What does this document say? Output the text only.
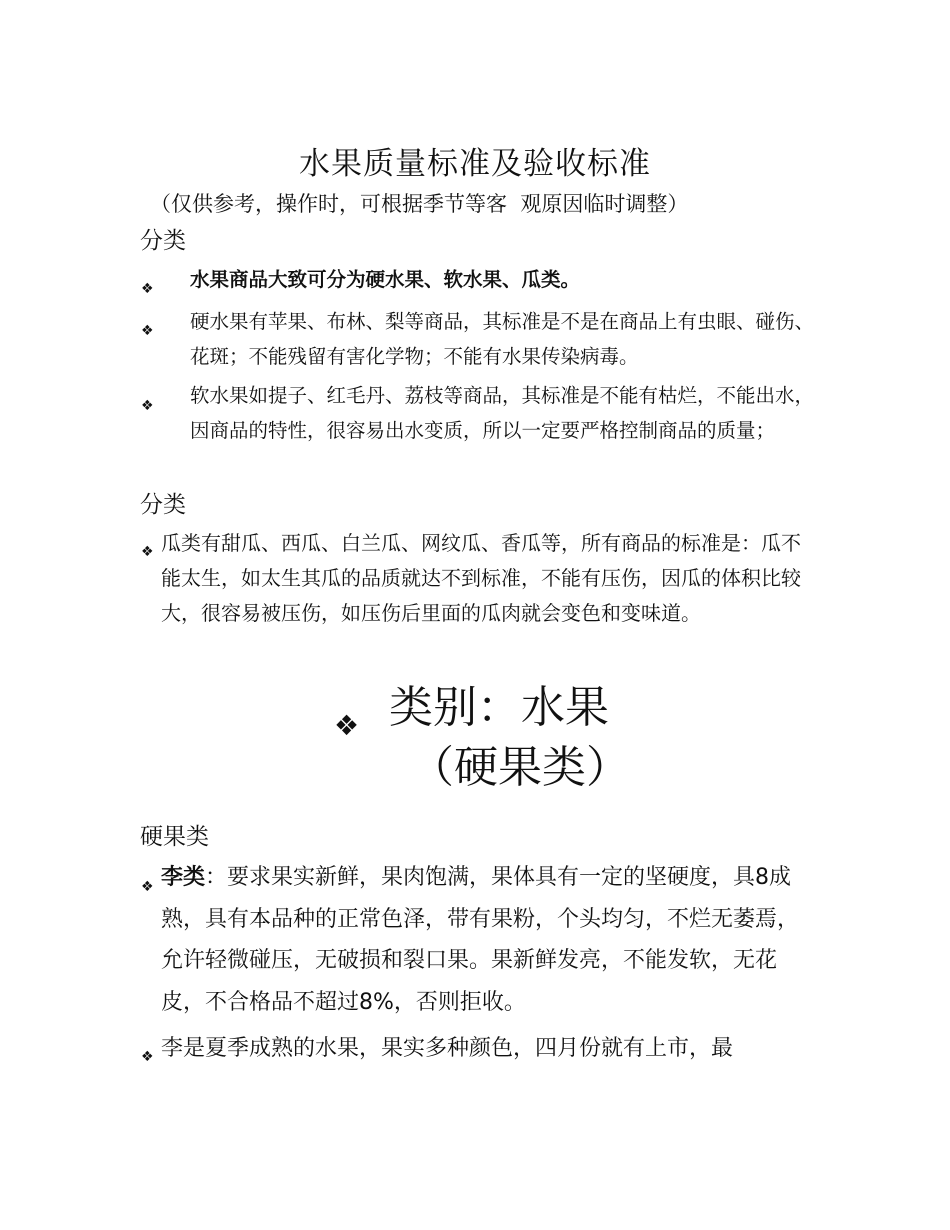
水果质量标准及验收标准
（仅供参考，操作时，可根据季节等客  观原因临时调整）
分类
❖ 水果商品大致可分为硬水果、软水果、瓜类。

❖ 硬水果有苹果、布林、梨等商品，其标准是不是在商品上有虫眼、碰伤、花斑；不能残留有害化学物；不能有水果传染病毒。

❖ 软水果如提子、红毛丹、荔枝等商品，其标准是不能有枯烂，不能出水，因商品的特性，很容易出水变质，所以一定要严格控制商品的质量；

分类
❖ 瓜类有甜瓜、西瓜、白兰瓜、网纹瓜、香瓜等，所有商品的标准是：瓜不能太生，如太生其瓜的品质就达不到标准，不能有压伤，因瓜的体积比较大，很容易被压伤，如压伤后里面的瓜肉就会变色和变味道。

❖ 类别：水果
（硬果类）
硬果类
❖ 李类：要求果实新鲜，果肉饱满，果体具有一定的坚硬度，具8成熟，具有本品种的正常色泽，带有果粉，个头均匀，不烂无萎焉，允许轻微碰压，无破损和裂口果。果新鲜发亮，不能发软，无花皮，不合格品不超过8%，否则拒收。

❖ 李是夏季成熟的水果，果实多种颜色，四月份就有上市，最
